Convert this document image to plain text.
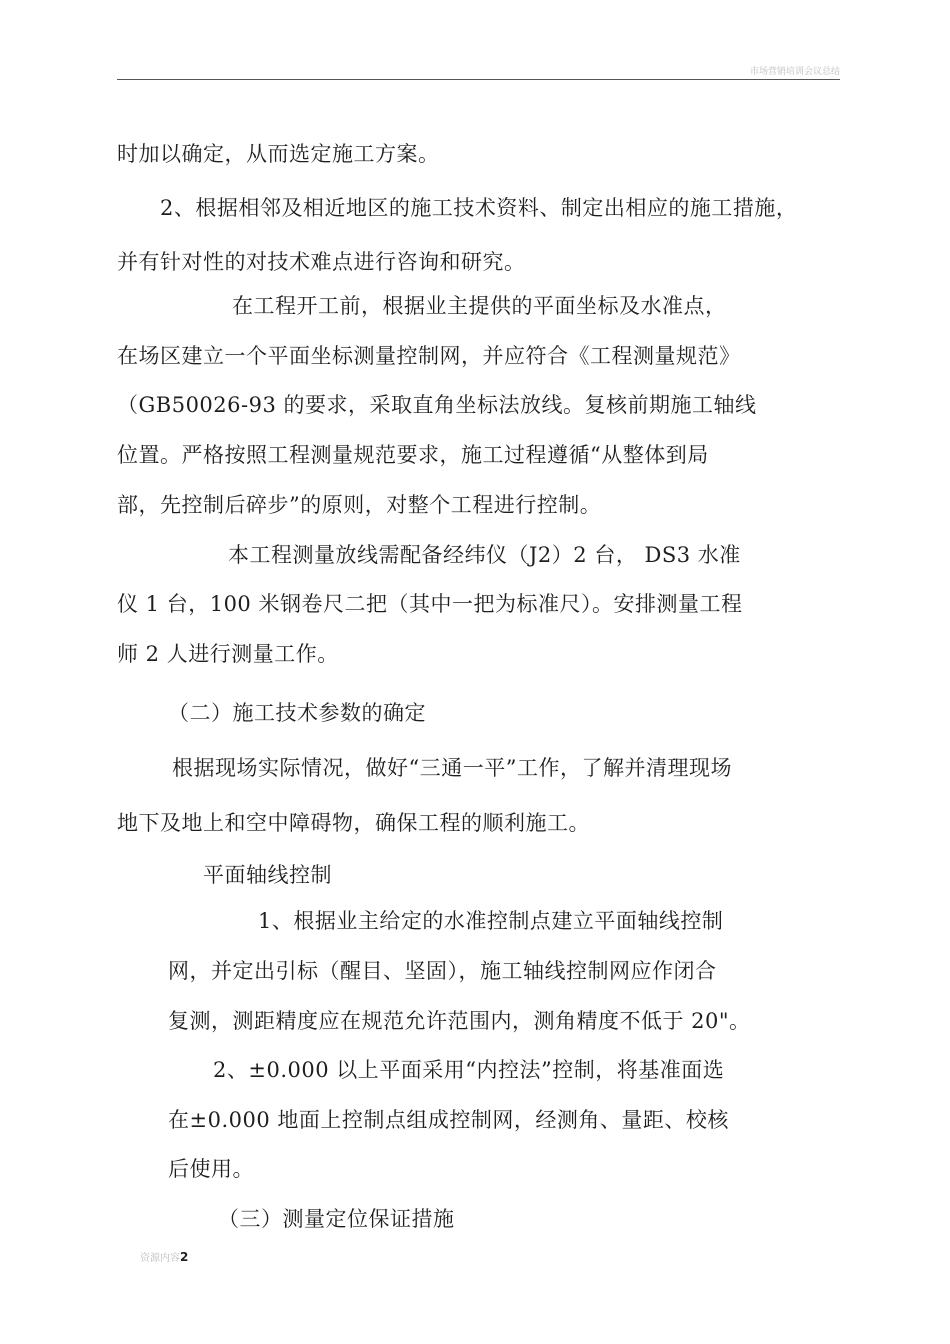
市场营销培训会议总结
时加以确定，从而选定施工方案。
2、根据相邻及相近地区的施工技术资料、制定出相应的施工措施，
并有针对性的对技术难点进行咨询和研究。
在工程开工前，根据业主提供的平面坐标及水准点，
在场区建立一个平面坐标测量控制网，并应符合《工程测量规范》
（GB50026-93 的要求，采取直角坐标法放线。复核前期施工轴线
位置。严格按照工程测量规范要求，施工过程遵循“从整体到局
部，先控制后碎步”的原则，对整个工程进行控制。
本工程测量放线需配备经纬仪（J2）2 台， DS3 水准
仪 1 台，100 米钢卷尺二把（其中一把为标准尺）。安排测量工程
师 2 人进行测量工作。
（二）施工技术参数的确定
根据现场实际情况，做好“三通一平”工作，了解并清理现场
地下及地上和空中障碍物，确保工程的顺利施工。
平面轴线控制
1、根据业主给定的水准控制点建立平面轴线控制
网，并定出引标（醒目、坚固），施工轴线控制网应作闭合
复测，测距精度应在规范允许范围内，测角精度不低于 20"。
2、±0.000 以上平面采用“内控法”控制，将基准面选
在±0.000 地面上控制点组成控制网，经测角、量距、校核
后使用。
（三）测量定位保证措施
资源内容2
